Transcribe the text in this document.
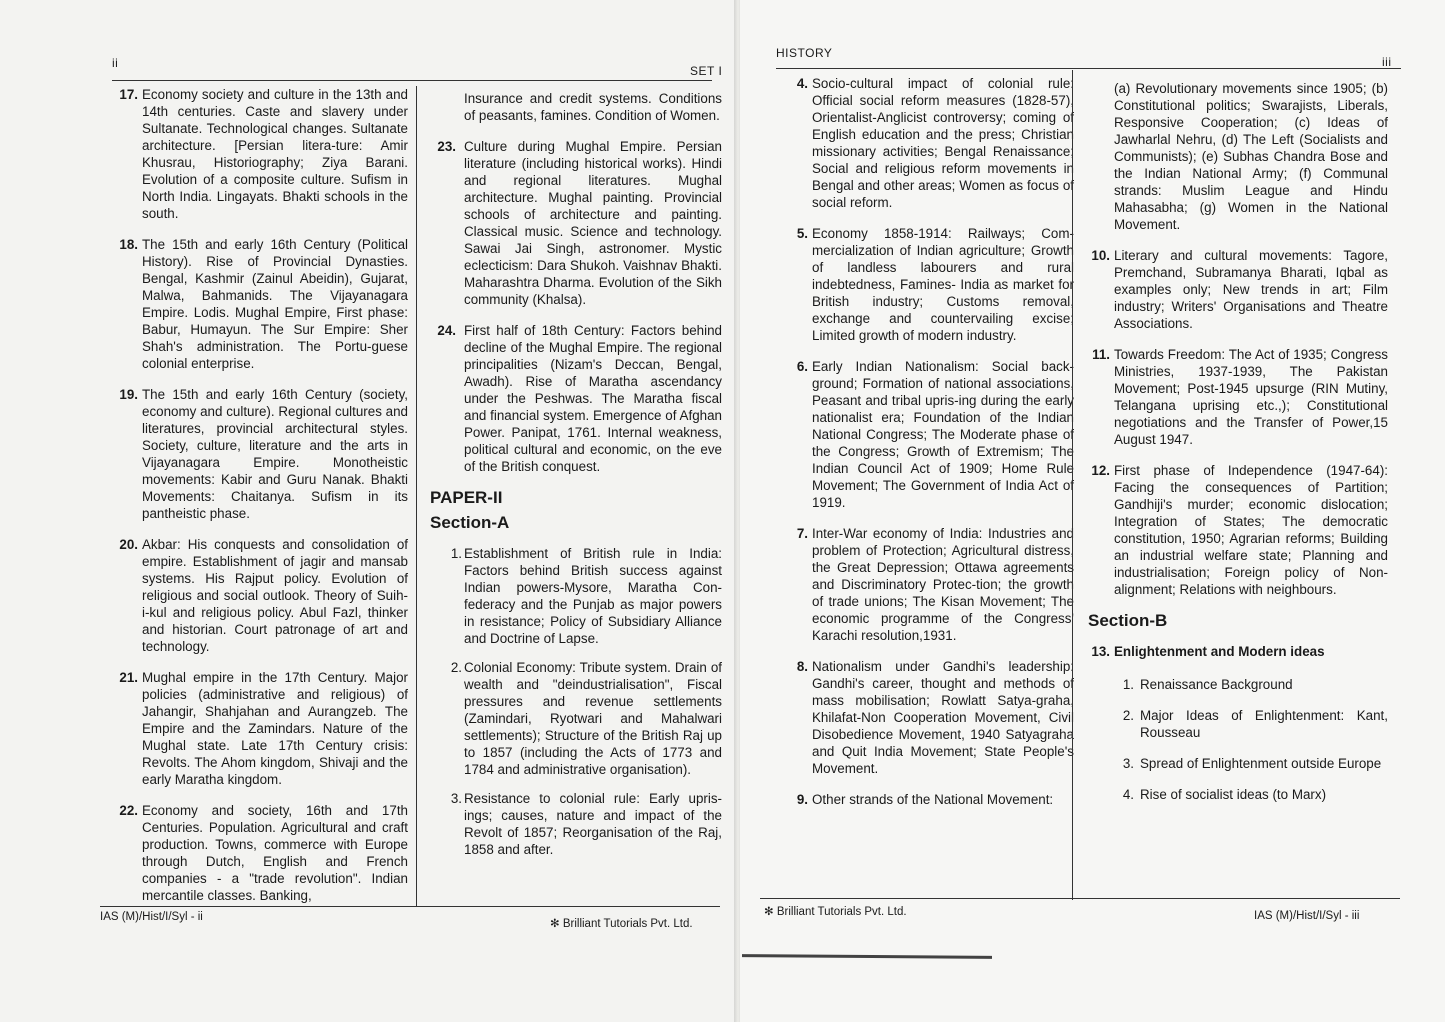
ii
SET I
17. Economy society and culture in the 13th and 14th centuries. Caste and slavery under Sultanate. Technological changes. Sultanate architecture. [Persian litera-ture: Amir Khusrau, Historiography; Ziya Barani. Evolution of a composite culture. Sufism in North India. Lingayats. Bhakti schools in the south.
18. The 15th and early 16th Century (Political History). Rise of Provincial Dynasties. Bengal, Kashmir (Zainul Abeidin), Gujarat, Malwa, Bahmanids. The Vijayanagara Empire. Lodis. Mughal Empire, First phase: Babur, Humayun. The Sur Empire: Sher Shah's administration. The Portu-guese colonial enterprise.
19. The 15th and early 16th Century (society, economy and culture). Regional cultures and literatures, provincial architectural styles. Society, culture, literature and the arts in Vijayanagara Empire. Monotheistic movements: Kabir and Guru Nanak. Bhakti Movements: Chaitanya. Sufism in its pantheistic phase.
20. Akbar: His conquests and consolidation of empire. Establishment of jagir and mansab systems. His Rajput policy. Evolution of religious and social outlook. Theory of Suih-i-kul and religious policy. Abul Fazl, thinker and historian. Court patronage of art and technology.
21. Mughal empire in the 17th Century. Major policies (administrative and religious) of Jahangir, Shahjahan and Aurangzeb. The Empire and the Zamindars. Nature of the Mughal state. Late 17th Century crisis: Revolts. The Ahom kingdom, Shivaji and the early Maratha kingdom.
22. Economy and society, 16th and 17th Centuries. Population. Agricultural and craft production. Towns, commerce with Europe through Dutch, English and French companies - a "trade revolution". Indian mercantile classes. Banking,
Insurance and credit systems. Conditions of peasants, famines. Condition of Women.
23. Culture during Mughal Empire. Persian literature (including historical works). Hindi and regional literatures. Mughal architecture. Mughal painting. Provincial schools of architecture and painting. Classical music. Science and technology. Sawai Jai Singh, astronomer. Mystic eclecticism: Dara Shukoh. Vaishnav Bhakti. Maharashtra Dharma. Evolution of the Sikh community (Khalsa).
24. First half of 18th Century: Factors behind decline of the Mughal Empire. The regional principalities (Nizam's Deccan, Bengal, Awadh). Rise of Maratha ascendancy under the Peshwas. The Maratha fiscal and financial system. Emergence of Afghan Power. Panipat, 1761. Internal weakness, political cultural and economic, on the eve of the British conquest.
PAPER-II
Section-A
1. Establishment of British rule in India: Factors behind British success against Indian powers-Mysore, Maratha Con-federacy and the Punjab as major powers in resistance; Policy of Subsidiary Alliance and Doctrine of Lapse.
2. Colonial Economy: Tribute system. Drain of wealth and "deindustrialisation", Fiscal pressures and revenue settlements (Zamindari, Ryotwari and Mahalwari settlements); Structure of the British Raj up to 1857 (including the Acts of 1773 and 1784 and administrative organisation).
3. Resistance to colonial rule: Early upris-ings; causes, nature and impact of the Revolt of 1857; Reorganisation of the Raj, 1858 and after.
IAS (M)/Hist/I/Syl - ii
✻ Brilliant Tutorials Pvt. Ltd.
HISTORY
iii
4. Socio-cultural impact of colonial rule: Official social reform measures (1828-57), Orientalist-Anglicist controversy; coming of English education and the press; Christian missionary activities; Bengal Renaissance; Social and religious reform movements in Bengal and other areas; Women as focus of social reform.
5. Economy 1858-1914: Railways; Com-mercialization of Indian agriculture; Growth of landless labourers and rural indebtedness, Famines- India as market for British industry; Customs removal, exchange and countervailing excise; Limited growth of modern industry.
6. Early Indian Nationalism: Social back-ground; Formation of national associations, Peasant and tribal upris-ing during the early nationalist era; Foundation of the Indian National Congress; The Moderate phase of the Congress; Growth of Extremism; The Indian Council Act of 1909; Home Rule Movement; The Government of India Act of 1919.
7. Inter-War economy of India: Industries and problem of Protection; Agricultural distress, the Great Depression; Ottawa agreements and Discriminatory Protec-tion; the growth of trade unions; The Kisan Movement; The economic programme of the Congress' Karachi resolution,1931.
8. Nationalism under Gandhi's leadership: Gandhi's career, thought and methods of mass mobilisation; Rowlatt Satya-graha, Khilafat-Non Cooperation Movement, Civil Disobedience Movement, 1940 Satyagraha and Quit India Movement; State People's Movement.
9. Other strands of the National Movement:
(a) Revolutionary movements since 1905; (b) Constitutional politics; Swarajists, Liberals, Responsive Cooperation; (c) Ideas of Jawharlal Nehru, (d) The Left (Socialists and Communists); (e) Subhas Chandra Bose and the Indian National Army; (f) Communal strands: Muslim League and Hindu Mahasabha; (g) Women in the National Movement.
10. Literary and cultural movements: Tagore, Premchand, Subramanya Bharati, Iqbal as examples only; New trends in art; Film industry; Writers' Organisations and Theatre Associations.
11. Towards Freedom: The Act of 1935; Congress Ministries, 1937-1939, The Pakistan Movement; Post-1945 upsurge (RIN Mutiny, Telangana uprising etc.,); Constitutional negotiations and the Transfer of Power,15 August 1947.
12. First phase of Independence (1947-64): Facing the consequences of Partition; Gandhiji's murder; economic dislocation; Integration of States; The democratic constitution, 1950; Agrarian reforms; Building an industrial welfare state; Planning and industrialisation; Foreign policy of Non-alignment; Relations with neighbours.
Section-B
13. Enlightenment and Modern ideas
1. Renaissance Background
2. Major Ideas of Enlightenment: Kant, Rousseau
3. Spread of Enlightenment outside Europe
4. Rise of socialist ideas (to Marx)
✻ Brilliant Tutorials Pvt. Ltd.	IAS (M)/Hist/I/Syl - iii
